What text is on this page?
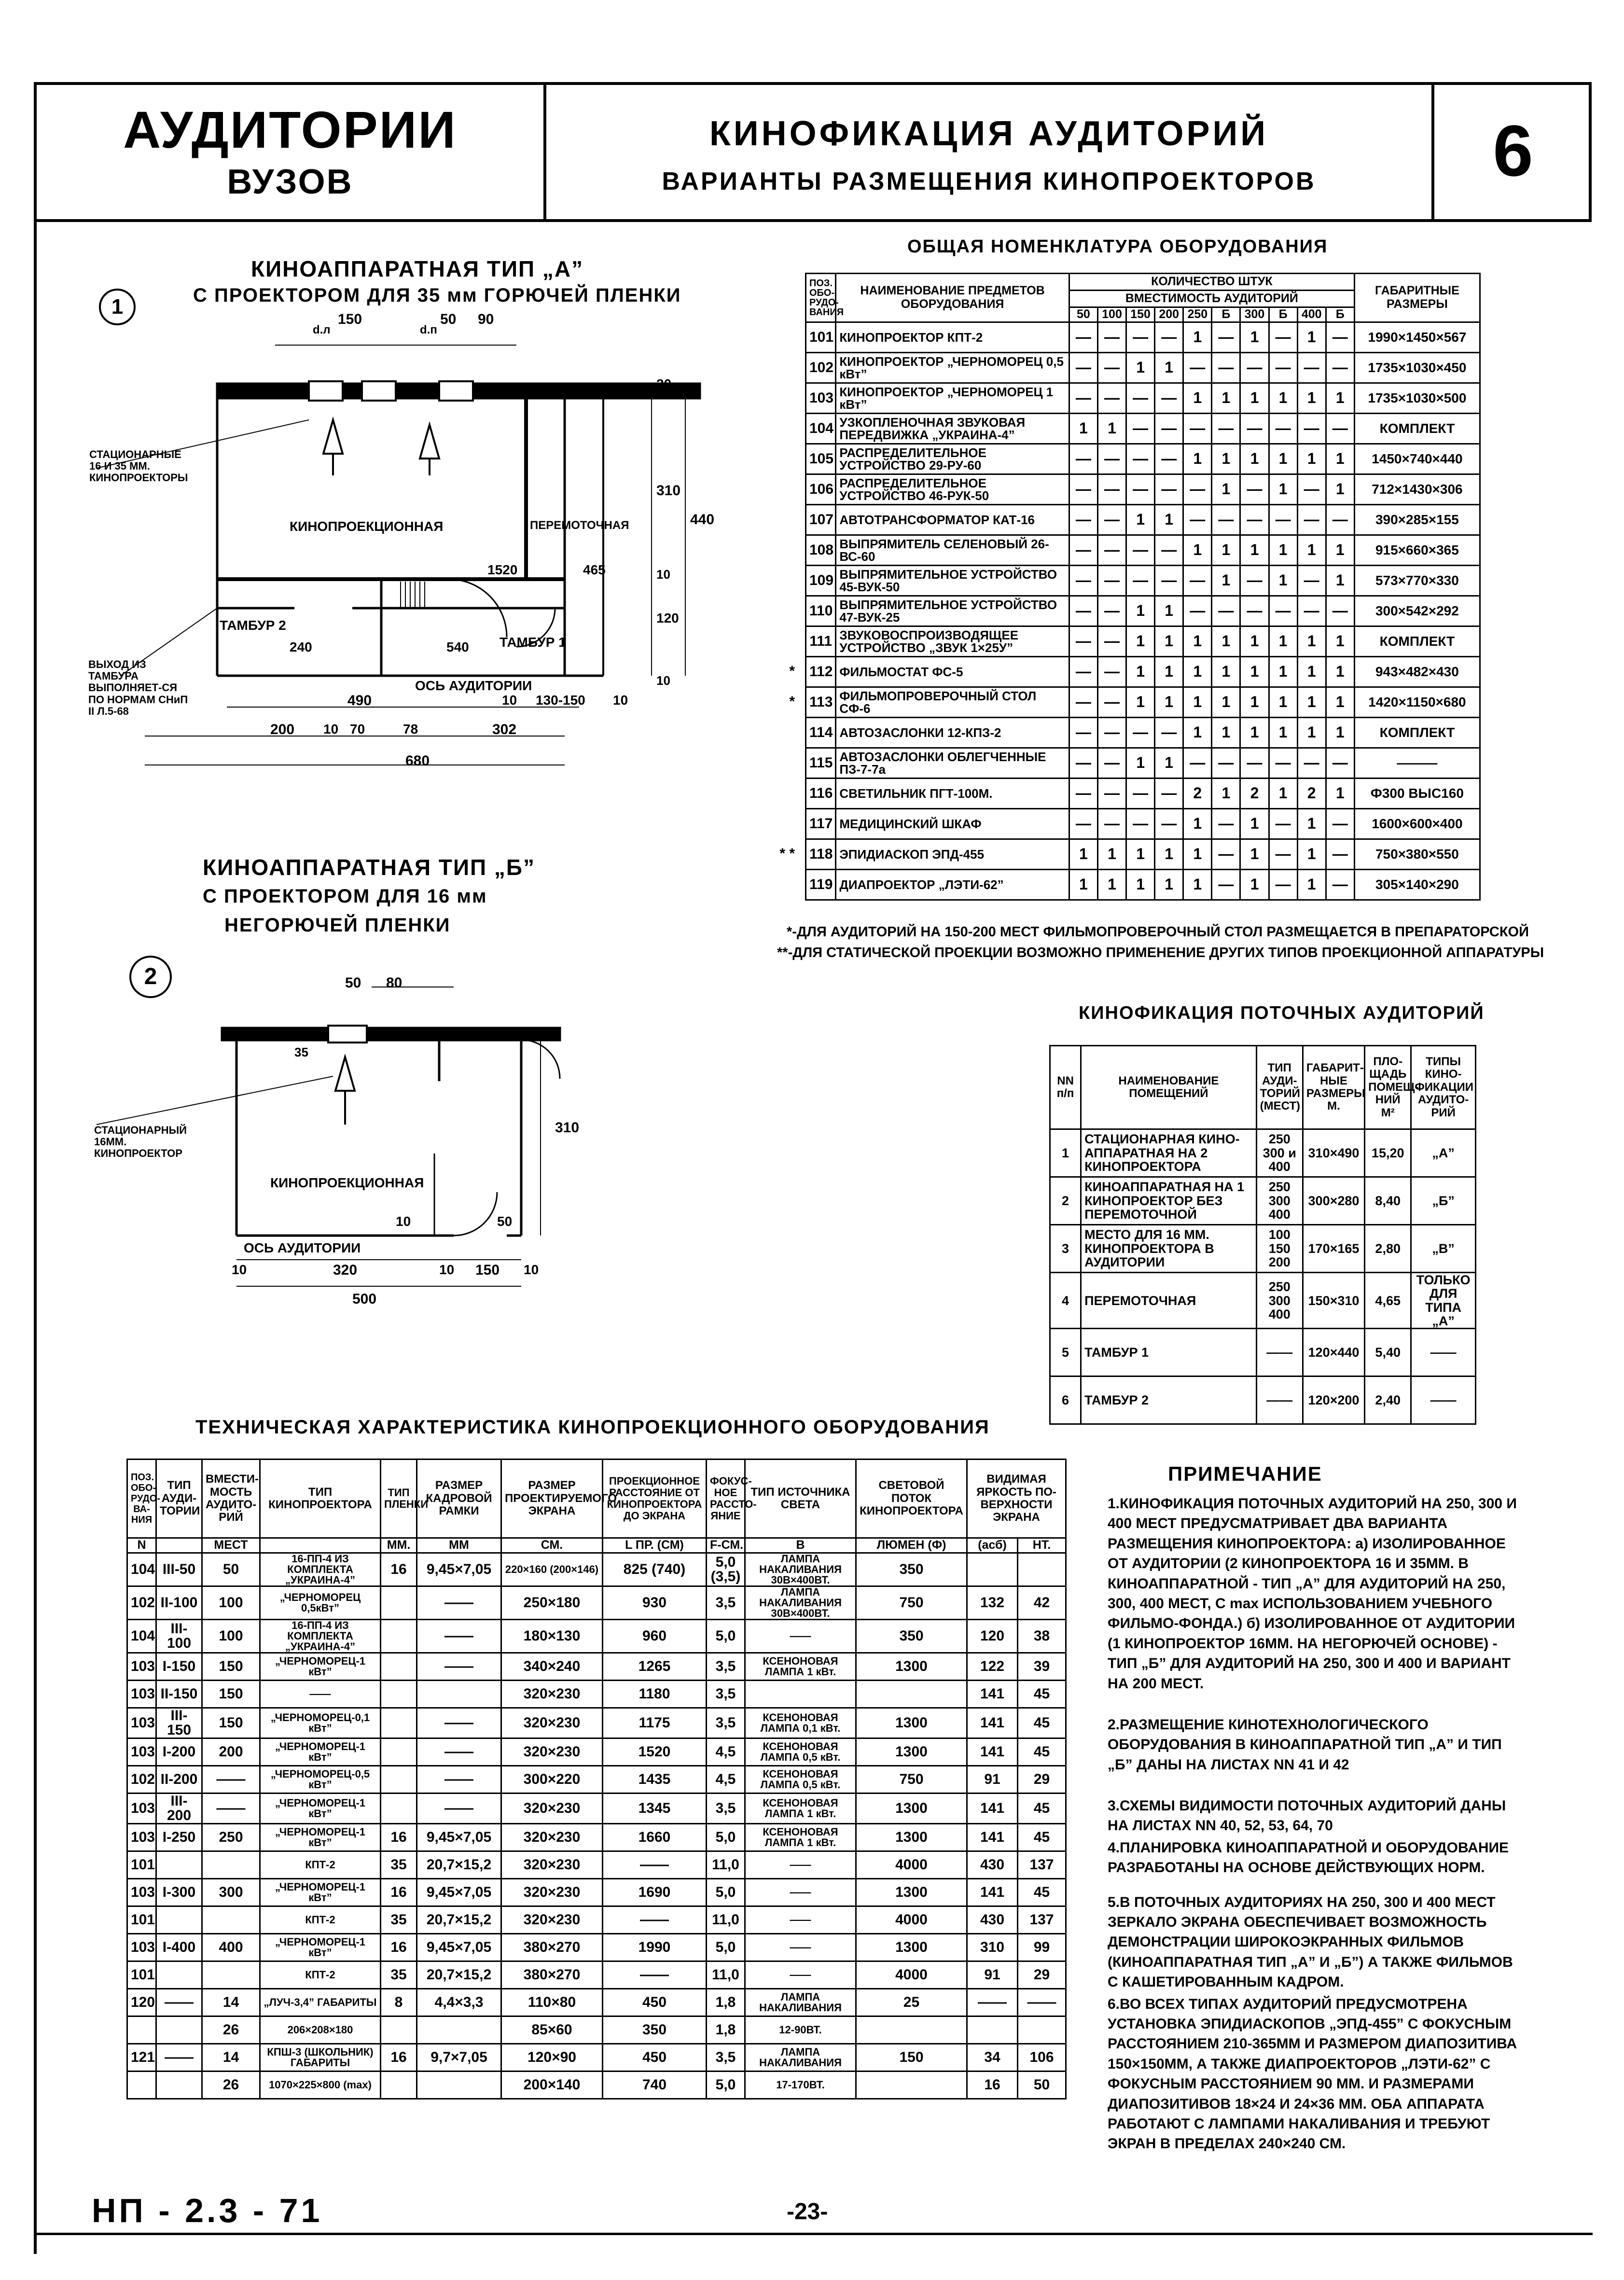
АУДИТОРИИ
ВУЗОВ
КИНОФИКАЦИЯ АУДИТОРИЙ
ВАРИАНТЫ РАЗМЕЩЕНИЯ КИНОПРОЕКТОРОВ	6
1
КИНОАППАРАТНАЯ ТИП „А”
С ПРОЕКТОРОМ ДЛЯ 35 мм ГОРЮЧЕЙ ПЛЕНКИ
СТАЦИОНАРНЫЕ 16 И 35 ММ. КИНОПРОЕКТОРЫ
КИНОПРОЕКЦИОННАЯ	ПЕРЕМОТОЧНАЯ
ТАМБУР 2
ТАМБУР 1
ВЫХОД ИЗ ТАМБУРА ВЫПОЛНЯЕТ-СЯ ПО НОРМАМ СНиП II Л.5-68
ОСЬ АУДИТОРИИ
d.л
150
d.п
50 90
35	35
20
310
440
10
120
10
1520	465
240	540
490	10 130-150 10
200 10 70	78	302
680
2
КИНОАППАРАТНАЯ ТИП „Б”
С ПРОЕКТОРОМ ДЛЯ 16 мм
НЕГОРЮЧЕЙ ПЛЕНКИ
СТАЦИОНАРНЫЙ 16ММ. КИНОПРОЕКТОР
КИНОПРОЕКЦИОННАЯ
ОСЬ АУДИТОРИИ
50 80
35
310
10	50
10	320	10 150 10
500
ОБЩАЯ НОМЕНКЛАТУРА ОБОРУДОВАНИЯ
ПОЗ. ОБО-РУДО-ВАНИЯ	НАИМЕНОВАНИЕ ПРЕДМЕТОВ ОБОРУДОВАНИЯ	КОЛИЧЕСТВО ШТУК										ГАБАРИТНЫЕ РАЗМЕРЫ
		ВМЕСТИМОСТЬ АУДИТОРИЙ										
		50	100	150	200	250	Б	300	Б	400	Б	
101	КИНОПРОЕКТОР КПТ-2	—	—	—	—	1	—	1	—	1	—	1990×1450×567
102	КИНОПРОЕКТОР „ЧЕРНОМОРЕЦ 0,5 кВт”	—	—	1	1	—	—	—	—	—	—	1735×1030×450
103	КИНОПРОЕКТОР „ЧЕРНОМОРЕЦ 1 кВт”	—	—	—	—	1	1	1	1	1	1	1735×1030×500
104	УЗКОПЛЕНОЧНАЯ ЗВУКОВАЯ ПЕРЕДВИЖКА „УКРАИНА-4”	1	1	—	—	—	—	—	—	—	—	КОМПЛЕКТ
105	РАСПРЕДЕЛИТЕЛЬНОЕ УСТРОЙСТВО 29-РУ-60	—	—	—	—	1	1	1	1	1	1	1450×740×440
106	РАСПРЕДЕЛИТЕЛЬНОЕ УСТРОЙСТВО 46-РУК-50	—	—	—	—	—	1	—	1	—	1	712×1430×306
107	АВТОТРАНСФОРМАТОР КАТ-16	—	—	1	1	—	—	—	—	—	—	390×285×155
108	ВЫПРЯМИТЕЛЬ СЕЛЕНОВЫЙ 26-ВС-60	—	—	—	—	1	1	1	1	1	1	915×660×365
109	ВЫПРЯМИТЕЛЬНОЕ УСТРОЙСТВО 45-ВУК-50	—	—	—	—	—	1	—	1	—	1	573×770×330
110	ВЫПРЯМИТЕЛЬНОЕ УСТРОЙСТВО 47-ВУК-25	—	—	1	1	—	—	—	—	—	—	300×542×292
111	ЗВУКОВОСПРОИЗВОДЯЩЕЕ УСТРОЙСТВО „ЗВУК 1×25У”	—	—	1	1	1	1	1	1	1	1	КОМПЛЕКТ
112	ФИЛЬМОСТАТ ФС-5	—	—	1	1	1	1	1	1	1	1	943×482×430
113	ФИЛЬМОПРОВЕРОЧНЫЙ СТОЛ СФ-6	—	—	1	1	1	1	1	1	1	1	1420×1150×680
114	АВТОЗАСЛОНКИ 12-КПЗ-2	—	—	—	—	1	1	1	1	1	1	КОМПЛЕКТ
115	АВТОЗАСЛОНКИ ОБЛЕГЧЕННЫЕ ПЗ-7-7а	—	—	1	1	—	—	—	—	—	—	———
116	СВЕТИЛЬНИК ПГТ-100М.	—	—	—	—	2	1	2	1	2	1	Ф300 ВЫС160
117	МЕДИЦИНСКИЙ ШКАФ	—	—	—	—	1	—	1	—	1	—	1600×600×400
118	ЭПИДИАСКОП ЭПД-455	1	1	1	1	1	—	1	—	1	—	750×380×550
119	ДИАПРОЕКТОР „ЛЭТИ-62”	1	1	1	1	1	—	1	—	1	—	305×140×290
*-ДЛЯ АУДИТОРИЙ НА 150-200 МЕСТ ФИЛЬМОПРОВЕРОЧНЫЙ СТОЛ РАЗМЕЩАЕТСЯ В ПРЕПАРАТОРСКОЙ
**-ДЛЯ СТАТИЧЕСКОЙ ПРОЕКЦИИ ВОЗМОЖНО ПРИМЕНЕНИЕ ДРУГИХ ТИПОВ ПРОЕКЦИОННОЙ АППАРАТУРЫ
КИНОФИКАЦИЯ ПОТОЧНЫХ АУДИТОРИЙ
NN п/п	НАИМЕНОВАНИЕ ПОМЕЩЕНИЙ	ТИП АУДИ-ТОРИЙ (МЕСТ)	ГАБАРИТ-НЫЕ РАЗМЕРЫ М.	ПЛО-ЩАДЬ ПОМЕЩ-НИЙ М²	ТИПЫ КИНО-ФИКАЦИИ АУДИТО-РИЙ
1	СТАЦИОНАРНАЯ КИНО-АППАРАТНАЯ НА 2 КИНОПРОЕКТОРА	250 300 и 400	310×490	15,20	„А”
2	КИНОАППАРАТНАЯ НА 1 КИНОПРОЕКТОР БЕЗ ПЕРЕМОТОЧНОЙ	250 300 400	300×280	8,40	„Б”
3	МЕСТО ДЛЯ 16 ММ. КИНОПРОЕКТОРА В АУДИТОРИИ	100 150 200	170×165	2,80	„В”
4	ПЕРЕМОТОЧНАЯ	250 300 400	150×310	4,65	ТОЛЬКО ДЛЯ ТИПА „А”
5	ТАМБУР 1	——	120×440	5,40	——
6	ТАМБУР 2	——	120×200	2,40	——
ТЕХНИЧЕСКАЯ ХАРАКТЕРИСТИКА КИНОПРОЕКЦИОННОГО ОБОРУДОВАНИЯ
ПОЗ. ОБО-РУДО-ВА-НИЯ	ТИП АУДИ-ТОРИИ	ВМЕСТИ-МОСТЬ АУДИТО-РИЙ	ТИП КИНОПРОЕКТОРА	ТИП ПЛЕНКИ	РАЗМЕР КАДРОВОЙ РАМКИ	РАЗМЕР ПРОЕКТИРУЕМОГО ЭКРАНА	ПРОЕКЦИОННОЕ РАССТОЯНИЕ ОТ КИНОПРОЕКТОРА ДО ЭКРАНА	ФОКУС-НОЕ РАССТО-ЯНИЕ	ТИП ИСТОЧНИКА СВЕТА	СВЕТОВОЙ ПОТОК КИНОПРОЕКТОРА	ВИДИМАЯ ЯРКОСТЬ ПО-ВЕРХНОСТИ ЭКРАНА	
N		МЕСТ		ММ.	ММ	СМ.	L ПР. (СМ)	F-СМ.	В	ЛЮМЕН (Ф)	(асб)	НТ.
104	III-50	50	16-ПП-4 ИЗ КОМПЛЕКТА „УКРАИНА-4”	16	9,45×7,05	220×160 (200×146)	825 (740)	5,0 (3,5)	ЛАМПА НАКАЛИВАНИЯ 30В×400ВТ.	350		
102	II-100	100	„ЧЕРНОМОРЕЦ 0,5кВт”		——	250×180	930	3,5	ЛАМПА НАКАЛИВАНИЯ 30В×400ВТ.	750	132	42
104	III-100	100	16-ПП-4 ИЗ КОМПЛЕКТА „УКРАИНА-4”		——	180×130	960	5,0	——	350	120	38
103	I-150	150	„ЧЕРНОМОРЕЦ-1 кВт”		——	340×240	1265	3,5	КСЕНОНОВАЯ ЛАМПА 1 кВт.	1300	122	39
103	II-150	150	——			320×230	1180	3,5			141	45
103	III-150	150	„ЧЕРНОМОРЕЦ-0,1 кВт”		——	320×230	1175	3,5	КСЕНОНОВАЯ ЛАМПА 0,1 кВт.	1300	141	45
103	I-200	200	„ЧЕРНОМОРЕЦ-1 кВт”		——	320×230	1520	4,5	КСЕНОНОВАЯ ЛАМПА 0,5 кВт.	1300	141	45
102	II-200	——	„ЧЕРНОМОРЕЦ-0,5 кВт”		——	300×220	1435	4,5	КСЕНОНОВАЯ ЛАМПА 0,5 кВт.	750	91	29
103	III-200	——	„ЧЕРНОМОРЕЦ-1 кВт”		——	320×230	1345	3,5	КСЕНОНОВАЯ ЛАМПА 1 кВт.	1300	141	45
103	I-250	250	„ЧЕРНОМОРЕЦ-1 кВт”	16	9,45×7,05	320×230	1660	5,0	КСЕНОНОВАЯ ЛАМПА 1 кВт.	1300	141	45
101			КПТ-2	35	20,7×15,2	320×230	——	11,0	——	4000	430	137
103	I-300	300	„ЧЕРНОМОРЕЦ-1 кВт”	16	9,45×7,05	320×230	1690	5,0	——	1300	141	45
101			КПТ-2	35	20,7×15,2	320×230	——	11,0	——	4000	430	137
103	I-400	400	„ЧЕРНОМОРЕЦ-1 кВт”	16	9,45×7,05	380×270	1990	5,0	——	1300	310	99
101			КПТ-2	35	20,7×15,2	380×270	——	11,0	——	4000	91	29
120	——	14	„ЛУЧ-3,4” ГАБАРИТЫ	8	4,4×3,3	110×80	450	1,8	ЛАМПА НАКАЛИВАНИЯ	25	——	——
		26	206×208×180			85×60	350	1,8	12-90ВТ.			
121	——	14	КПШ-3 (ШКОЛЬНИК) ГАБАРИТЫ	16	9,7×7,05	120×90	450	3,5	ЛАМПА НАКАЛИВАНИЯ	150	34	106
		26	1070×225×800 (max)			200×140	740	5,0	17-170ВТ.		16	50
ПРИМЕЧАНИЕ

1.КИНОФИКАЦИЯ ПОТОЧНЫХ АУДИТОРИЙ НА 250, 300 И 400 МЕСТ ПРЕДУСМАТРИВАЕТ ДВА ВАРИАНТА РАЗМЕЩЕНИЯ КИНОПРОЕКТОРА: а) ИЗОЛИРОВАННОЕ ОТ АУДИТОРИИ (2 КИНОПРОЕКТОРА 16 И 35ММ. В КИНОАППАРАТНОЙ - ТИП „А” ДЛЯ АУДИТОРИЙ НА 250, 300, 400 МЕСТ, С max ИСПОЛЬЗОВАНИЕМ УЧЕБНОГО ФИЛЬМО-ФОНДА.) б) ИЗОЛИРОВАННОЕ ОТ АУДИТОРИИ (1 КИНОПРОЕКТОР 16ММ. НА НЕГОРЮЧЕЙ ОСНОВЕ) - ТИП „Б” ДЛЯ АУДИТОРИЙ НА 250, 300 И 400 И ВАРИАНТ НА 200 МЕСТ.

2.РАЗМЕЩЕНИЕ КИНОТЕХНОЛОГИЧЕСКОГО ОБОРУДОВАНИЯ В КИНОАППАРАТНОЙ ТИП „А” И ТИП „Б” ДАНЫ НА ЛИСТАХ NN 41 И 42

3.СХЕМЫ ВИДИМОСТИ ПОТОЧНЫХ АУДИТОРИЙ ДАНЫ НА ЛИСТАХ NN 40, 52, 53, 64, 70

4.ПЛАНИРОВКА КИНОАППАРАТНОЙ И ОБОРУДОВАНИЕ РАЗРАБОТАНЫ НА ОСНОВЕ ДЕЙСТВУЮЩИХ НОРМ.

5.В ПОТОЧНЫХ АУДИТОРИЯХ НА 250, 300 И 400 МЕСТ ЗЕРКАЛО ЭКРАНА ОБЕСПЕЧИВАЕТ ВОЗМОЖНОСТЬ ДЕМОНСТРАЦИИ ШИРОКОЭКРАННЫХ ФИЛЬМОВ (КИНОАППАРАТНАЯ ТИП „А” И „Б”) А ТАКЖЕ ФИЛЬМОВ С КАШЕТИРОВАННЫМ КАДРОМ.

6.ВО ВСЕХ ТИПАХ АУДИТОРИЙ ПРЕДУСМОТРЕНА УСТАНОВКА ЭПИДИАСКОПОВ „ЭПД-455” С ФОКУСНЫМ РАССТОЯНИЕМ 210-365ММ И РАЗМЕРОМ ДИАПОЗИТИВА 150×150ММ, А ТАКЖЕ ДИАПРОЕКТОРОВ „ЛЭТИ-62” С ФОКУСНЫМ РАССТОЯНИЕМ 90 ММ. И РАЗМЕРАМИ ДИАПОЗИТИВОВ 18×24 И 24×36 ММ. ОБА АППАРАТА РАБОТАЮТ С ЛАМПАМИ НАКАЛИВАНИЯ И ТРЕБУЮТ ЭКРАН В ПРЕДЕЛАХ 240×240 СМ.

НП - 2.3 - 71	-23-
*
*
* *
